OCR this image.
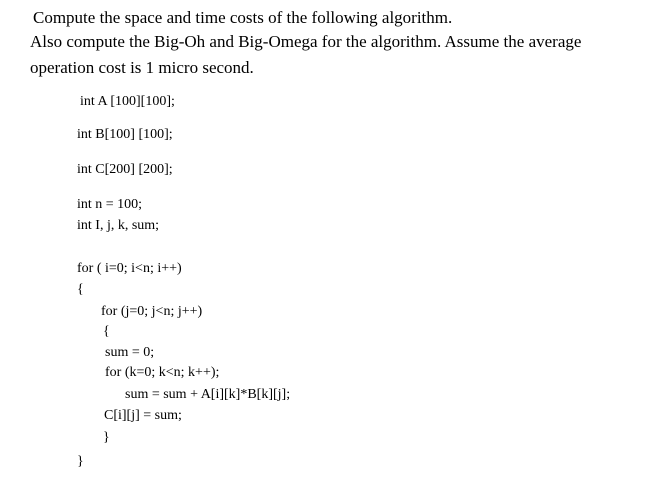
Compute the space and time costs of the following algorithm.
Also compute the Big-Oh and Big-Omega for the algorithm. Assume the average
operation cost is 1 micro second.
int A [100][100];
int B[100] [100];
int C[200] [200];
int n = 100;
int I, j, k, sum;
for ( i=0; i<n; i++)
{
for (j=0; j<n; j++)
{
sum = 0;
for (k=0; k<n; k++);
sum = sum + A[i][k]*B[k][j];
C[i][j] = sum;
}
}
